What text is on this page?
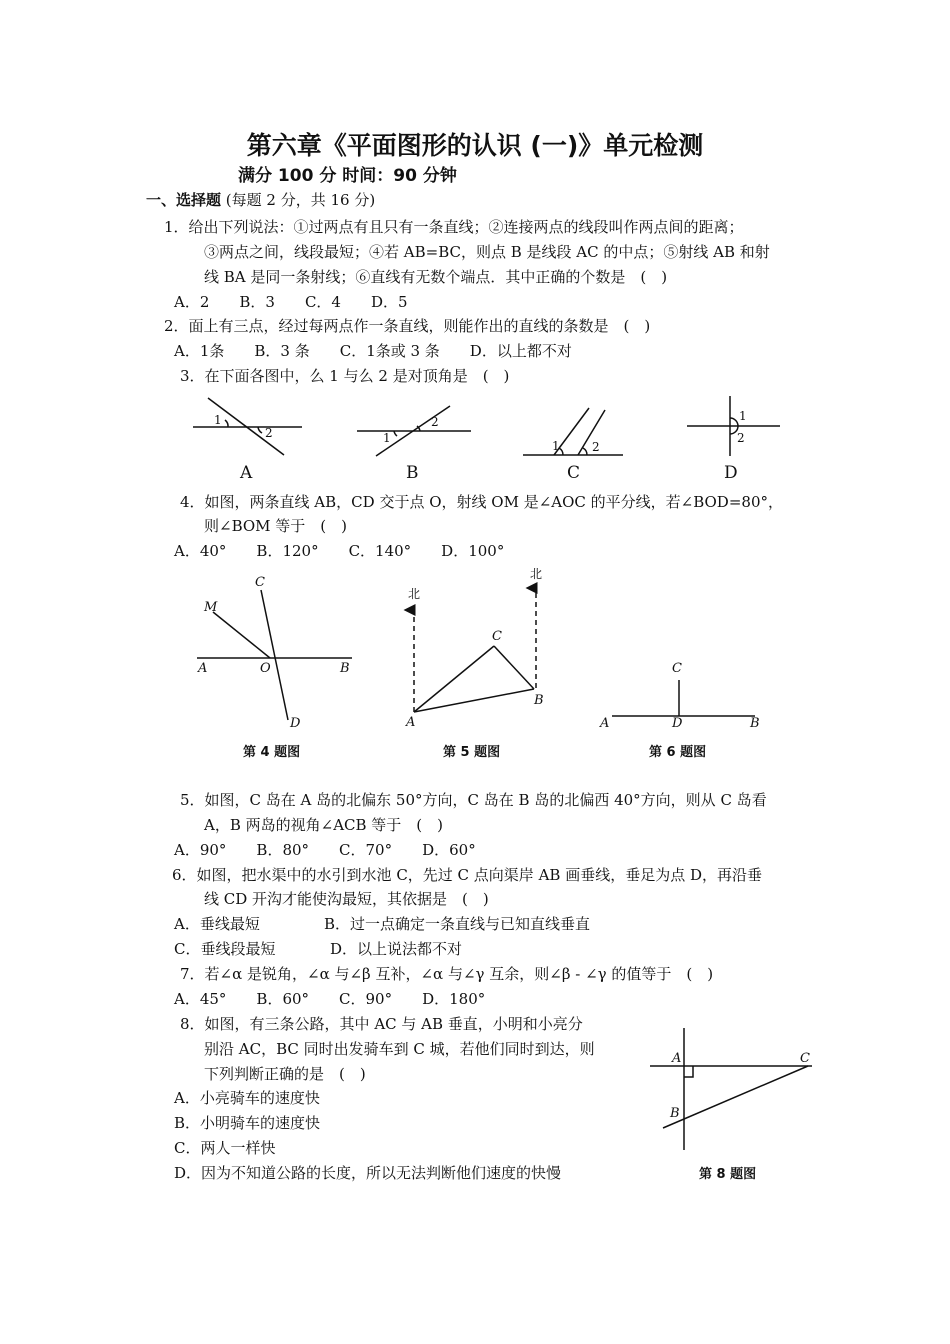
第六章《平面图形的认识 (一)》单元检测
满分 100 分 时间：90 分钟
一、选择题 (每题 2 分，共 16 分)
1．给出下列说法：①过两点有且只有一条直线；②连接两点的线段叫作两点间的距离；
③两点之间，线段最短；④若 AB=BC，则点 B 是线段 AC 的中点；⑤射线 AB 和射
线 BA 是同一条射线；⑥直线有无数个端点．其中正确的个数是　(　)
A．2　　B．3　　C．4　　D．5
2．面上有三点，经过每两点作一条直线，则能作出的直线的条数是　(　)
A．1条　　B．3 条　　C．1条或 3 条　　D．以上都不对
3．在下面各图中，么 1 与么 2 是对顶角是　(　)
1
2	1
2
1	2
1
2
A	B	C	D
4．如图，两条直线 AB，CD 交于点 O，射线 OM 是∠AOC 的平分线，若∠BOD=80°，
则∠BOM 等于　(　)
A．40°　　B．120°　　C．140°　　D．100°
M
C
A	O	B
D
C
A
B
C
A	D	B
北
北
第 4 题图	第 5 题图	第 6 题图
5．如图，C 岛在 A 岛的北偏东 50°方向，C 岛在 B 岛的北偏西 40°方向，则从 C 岛看
A，B 两岛的视角∠ACB 等于　(　)
A．90°　　B．80°　　C．70°　　D．60°
6．如图，把水渠中的水引到水池 C，先过 C 点向渠岸 AB 画垂线，垂足为点 D，再沿垂
线 CD 开沟才能使沟最短，其依据是　(　)
A．垂线最短	B．过一点确定一条直线与已知直线垂直
C．垂线段最短	D．以上说法都不对
7．若∠α 是锐角，∠α 与∠β 互补，∠α 与∠γ 互余，则∠β - ∠γ 的值等于　(　)
A．45°　　B．60°　　C．90°　　D．180°
8．如图，有三条公路，其中 AC 与 AB 垂直，小明和小亮分
别沿 AC，BC 同时出发骑车到 C 城，若他们同时到达，则
下列判断正确的是　(　)
A．小亮骑车的速度快
B．小明骑车的速度快
C．两人一样快
D．因为不知道公路的长度，所以无法判断他们速度的快慢
A	C
B
第 8 题图
